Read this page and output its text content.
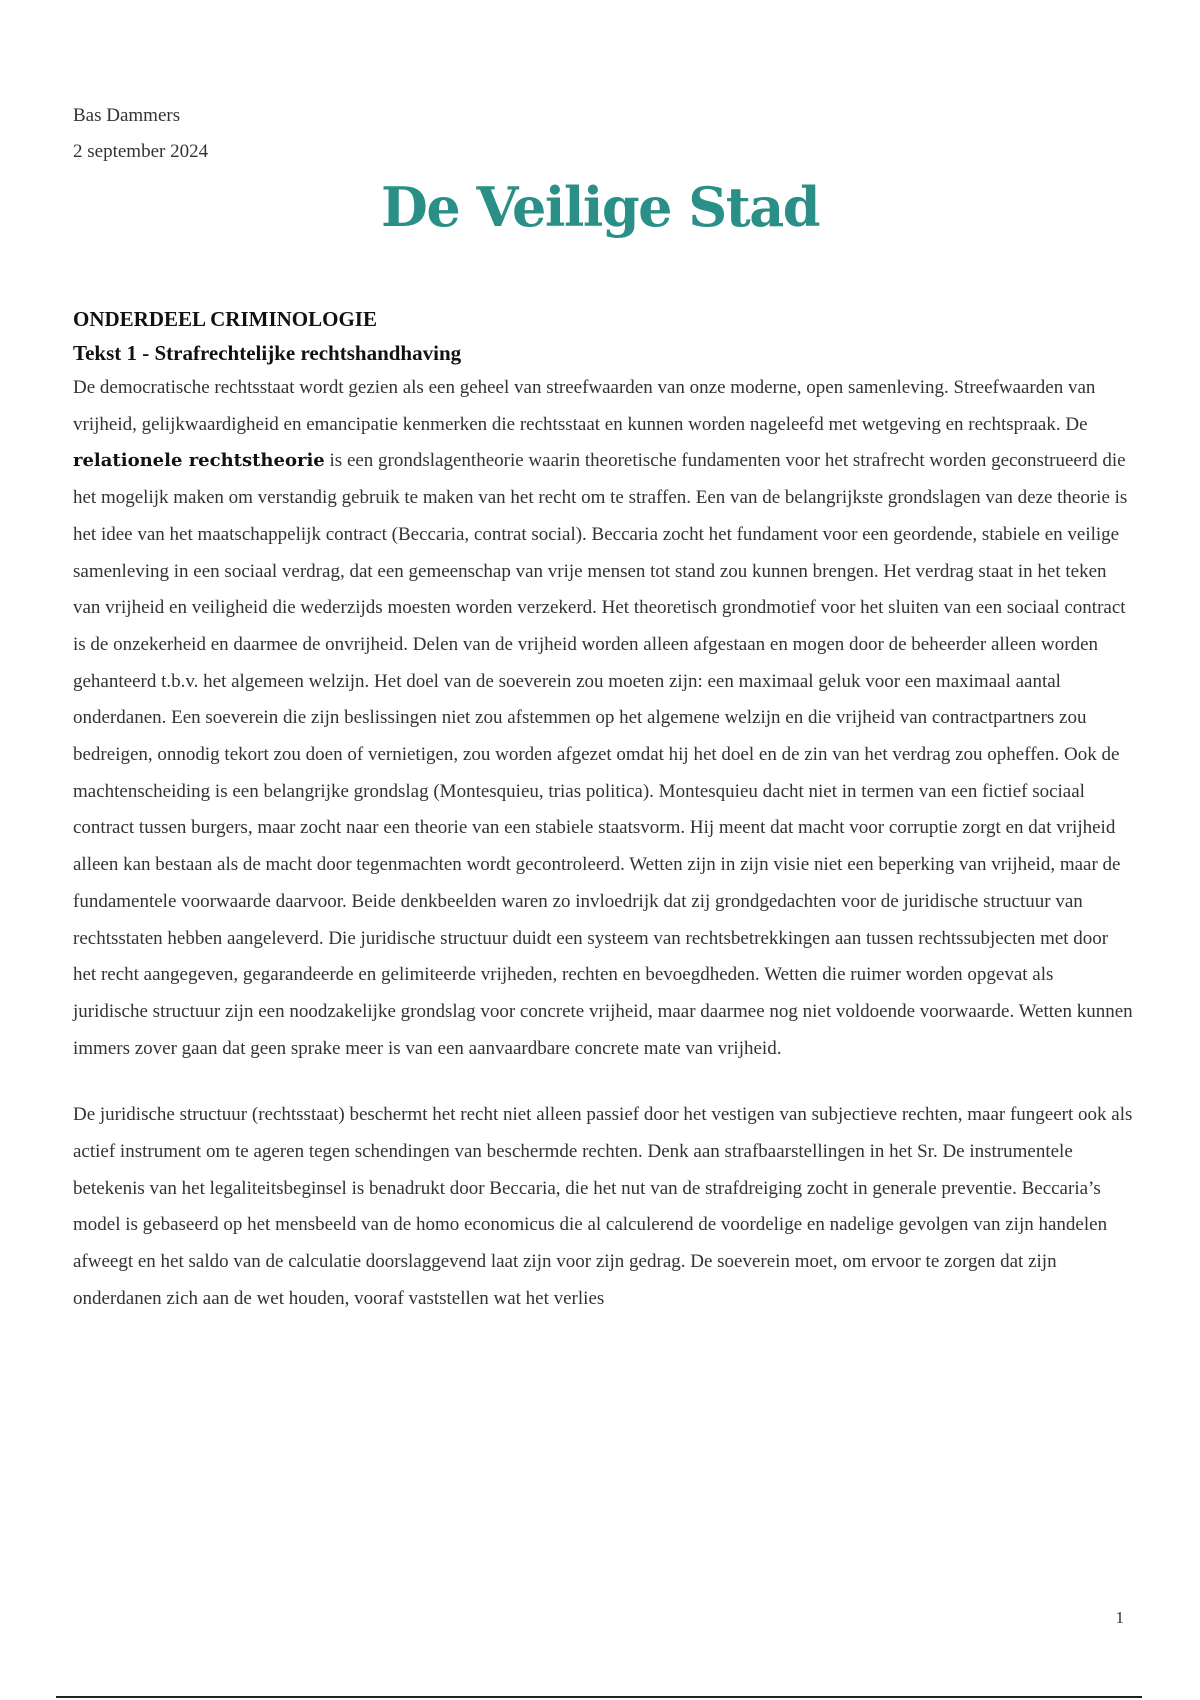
Bas Dammers
2 september 2024
De Veilige Stad

ONDERDEEL CRIMINOLOGIE

Tekst 1 - Strafrechtelijke rechtshandhaving

De democratische rechtsstaat wordt gezien als een geheel van streefwaarden van onze moderne, open samenleving. Streefwaarden van vrijheid, gelijkwaardigheid en emancipatie kenmerken die rechtsstaat en kunnen worden nageleefd met wetgeving en rechtspraak. De relationele rechtstheorie is een grondslagentheorie waarin theoretische fundamenten voor het strafrecht worden geconstrueerd die het mogelijk maken om verstandig gebruik te maken van het recht om te straffen. Een van de belangrijkste grondslagen van deze theorie is het idee van het maatschappelijk contract (Beccaria, contrat social). Beccaria zocht het fundament voor een geordende, stabiele en veilige samenleving in een sociaal verdrag, dat een gemeenschap van vrije mensen tot stand zou kunnen brengen. Het verdrag staat in het teken van vrijheid en veiligheid die wederzijds moesten worden verzekerd. Het theoretisch grondmotief voor het sluiten van een sociaal contract is de onzekerheid en daarmee de onvrijheid. Delen van de vrijheid worden alleen afgestaan en mogen door de beheerder alleen worden gehanteerd t.b.v. het algemeen welzijn. Het doel van de soeverein zou moeten zijn: een maximaal geluk voor een maximaal aantal onderdanen. Een soeverein die zijn beslissingen niet zou afstemmen op het algemene welzijn en die vrijheid van contractpartners zou bedreigen, onnodig tekort zou doen of vernietigen, zou worden afgezet omdat hij het doel en de zin van het verdrag zou opheffen. Ook de machtenscheiding is een belangrijke grondslag (Montesquieu, trias politica). Montesquieu dacht niet in termen van een fictief sociaal contract tussen burgers, maar zocht naar een theorie van een stabiele staatsvorm. Hij meent dat macht voor corruptie zorgt en dat vrijheid alleen kan bestaan als de macht door tegenmachten wordt gecontroleerd. Wetten zijn in zijn visie niet een beperking van vrijheid, maar de fundamentele voorwaarde daarvoor. Beide denkbeelden waren zo invloedrijk dat zij grondgedachten voor de juridische structuur van rechtsstaten hebben aangeleverd. Die juridische structuur duidt een systeem van rechtsbetrekkingen aan tussen rechtssubjecten met door het recht aangegeven, gegarandeerde en gelimiteerde vrijheden, rechten en bevoegdheden. Wetten die ruimer worden opgevat als juridische structuur zijn een noodzakelijke grondslag voor concrete vrijheid, maar daarmee nog niet voldoende voorwaarde. Wetten kunnen immers zover gaan dat geen sprake meer is van een aanvaardbare concrete mate van vrijheid.

De juridische structuur (rechtsstaat) beschermt het recht niet alleen passief door het vestigen van subjectieve rechten, maar fungeert ook als actief instrument om te ageren tegen schendingen van beschermde rechten. Denk aan strafbaarstellingen in het Sr. De instrumentele betekenis van het legaliteitsbeginsel is benadrukt door Beccaria, die het nut van de strafdreiging zocht in generale preventie. Beccaria’s model is gebaseerd op het mensbeeld van de homo economicus die al calculerend de voordelige en nadelige gevolgen van zijn handelen afweegt en het saldo van de calculatie doorslaggevend laat zijn voor zijn gedrag. De soeverein moet, om ervoor te zorgen dat zijn onderdanen zich aan de wet houden, vooraf vaststellen wat het verlies

1
